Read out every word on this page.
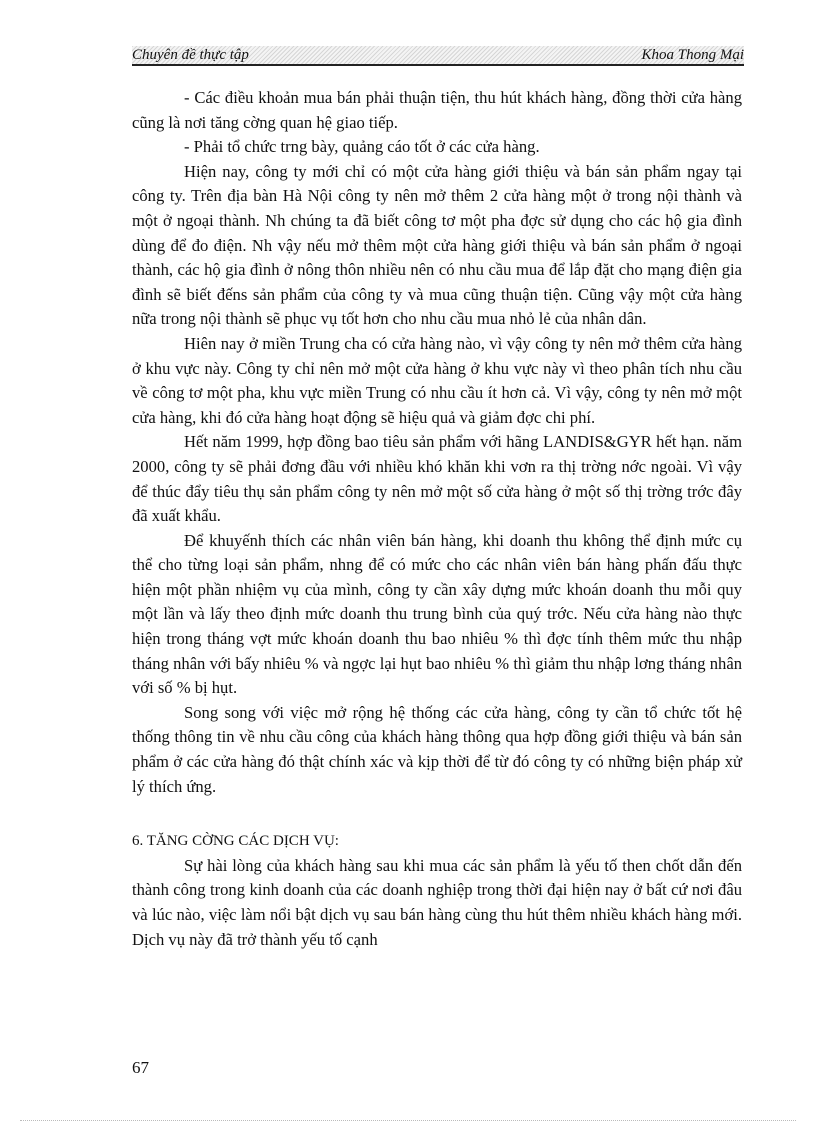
Chuyên đề thực tập	Khoa Thong Mại

- Các điều khoản mua bán phải thuận tiện, thu hút khách hàng, đồng thời cửa hàng cũng là nơi tăng cờng quan hệ giao tiếp.

- Phải tổ chức trng bày, quảng cáo tốt ở các cửa hàng.

Hiện nay, công ty mới chỉ có một cửa hàng giới thiệu và bán sản phẩm ngay tại công ty. Trên địa bàn Hà Nội công ty nên mở thêm 2 cửa hàng một ở trong nội thành và một ở ngoại thành. Nh chúng ta đã biết công tơ một pha đợc sử dụng cho các hộ gia đình dùng để đo điện. Nh vậy nếu mở thêm một cửa hàng giới thiệu và bán sản phẩm ở ngoại thành, các hộ gia đình ở nông thôn nhiều nên có nhu cầu mua để lắp đặt cho mạng điện gia đình sẽ biết đếns sản phẩm của công ty và mua cũng thuận tiện. Cũng vậy một cửa hàng nữa trong nội thành sẽ phục vụ tốt hơn cho nhu cầu mua nhỏ lẻ của nhân dân.

Hiên nay ở miền Trung cha có cửa hàng nào, vì vậy công ty nên mở thêm cửa hàng ở khu vực này. Công ty chỉ nên mở một cửa hàng ở khu vực này vì theo phân tích nhu cầu về công tơ một pha, khu vực miền Trung có nhu cầu ít hơn cả. Vì vậy, công ty nên mở một cửa hàng, khi đó cửa hàng hoạt động sẽ hiệu quả và giảm đợc chi phí.

Hết năm 1999, hợp đồng bao tiêu sản phẩm với hãng LANDIS&GYR hết hạn. năm 2000, công ty sẽ phải đơng đầu với nhiều khó khăn khi vơn ra thị trờng nớc ngoài. Vì vậy để thúc đẩy tiêu thụ sản phẩm công ty nên mở một số cửa hàng ở một số thị trờng trớc đây đã xuất khẩu.

Để khuyếnh thích các nhân viên bán hàng, khi doanh thu không thể định mức cụ thể cho từng loại sản phẩm, nhng để có mức cho các nhân viên bán hàng phấn đấu thực hiện một phần nhiệm vụ của mình, công ty cần xây dựng mức khoán doanh thu mỗi quy một lần và lấy theo định mức doanh thu trung bình của quý trớc. Nếu cửa hàng nào thực hiện trong tháng vợt mức khoán doanh thu bao nhiêu % thì đợc tính thêm mức thu nhập tháng nhân với bấy nhiêu % và ngợc lại hụt bao nhiêu % thì giảm thu nhập lơng tháng nhân với số % bị hụt.

Song song với việc mở rộng hệ thống các cửa hàng, công ty cần tổ chức tốt hệ thống thông tin về nhu cầu công của khách hàng thông qua hợp đồng giới thiệu và bán sản phẩm ở các cửa hàng đó thật chính xác và kịp thời để từ đó công ty có những biện pháp xử lý thích ứng.

6. TĂNG CỜNG CÁC DỊCH VỤ:

Sự hài lòng của khách hàng sau khi mua các sản phẩm là yếu tố then chốt dẫn đến thành công trong kinh doanh của các doanh nghiệp trong thời đại hiện nay ở bất cứ nơi đâu và lúc nào, việc làm nổi bật dịch vụ sau bán hàng cùng thu hút thêm nhiều khách hàng mới. Dịch vụ này đã trở thành yếu tố cạnh

67
